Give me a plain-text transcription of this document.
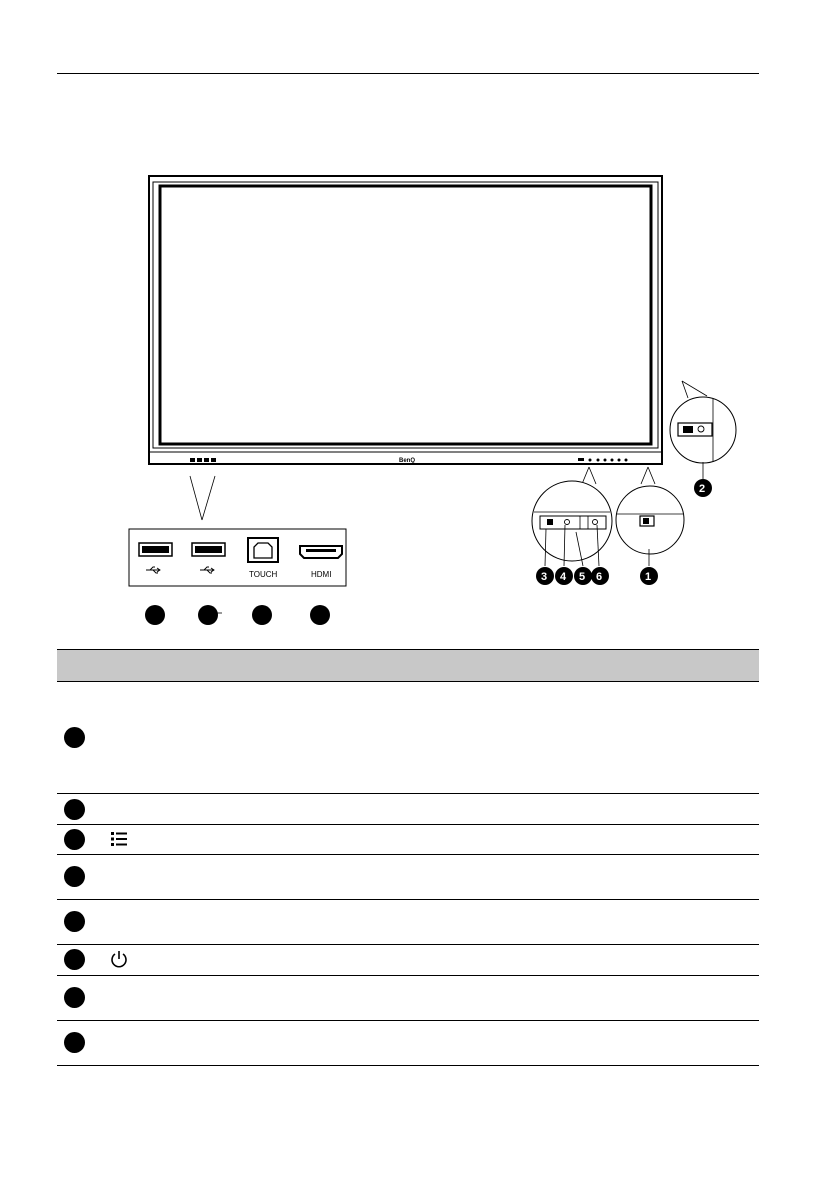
BenQ
TOUCH	HDMI	3 4 5 6	1
2
